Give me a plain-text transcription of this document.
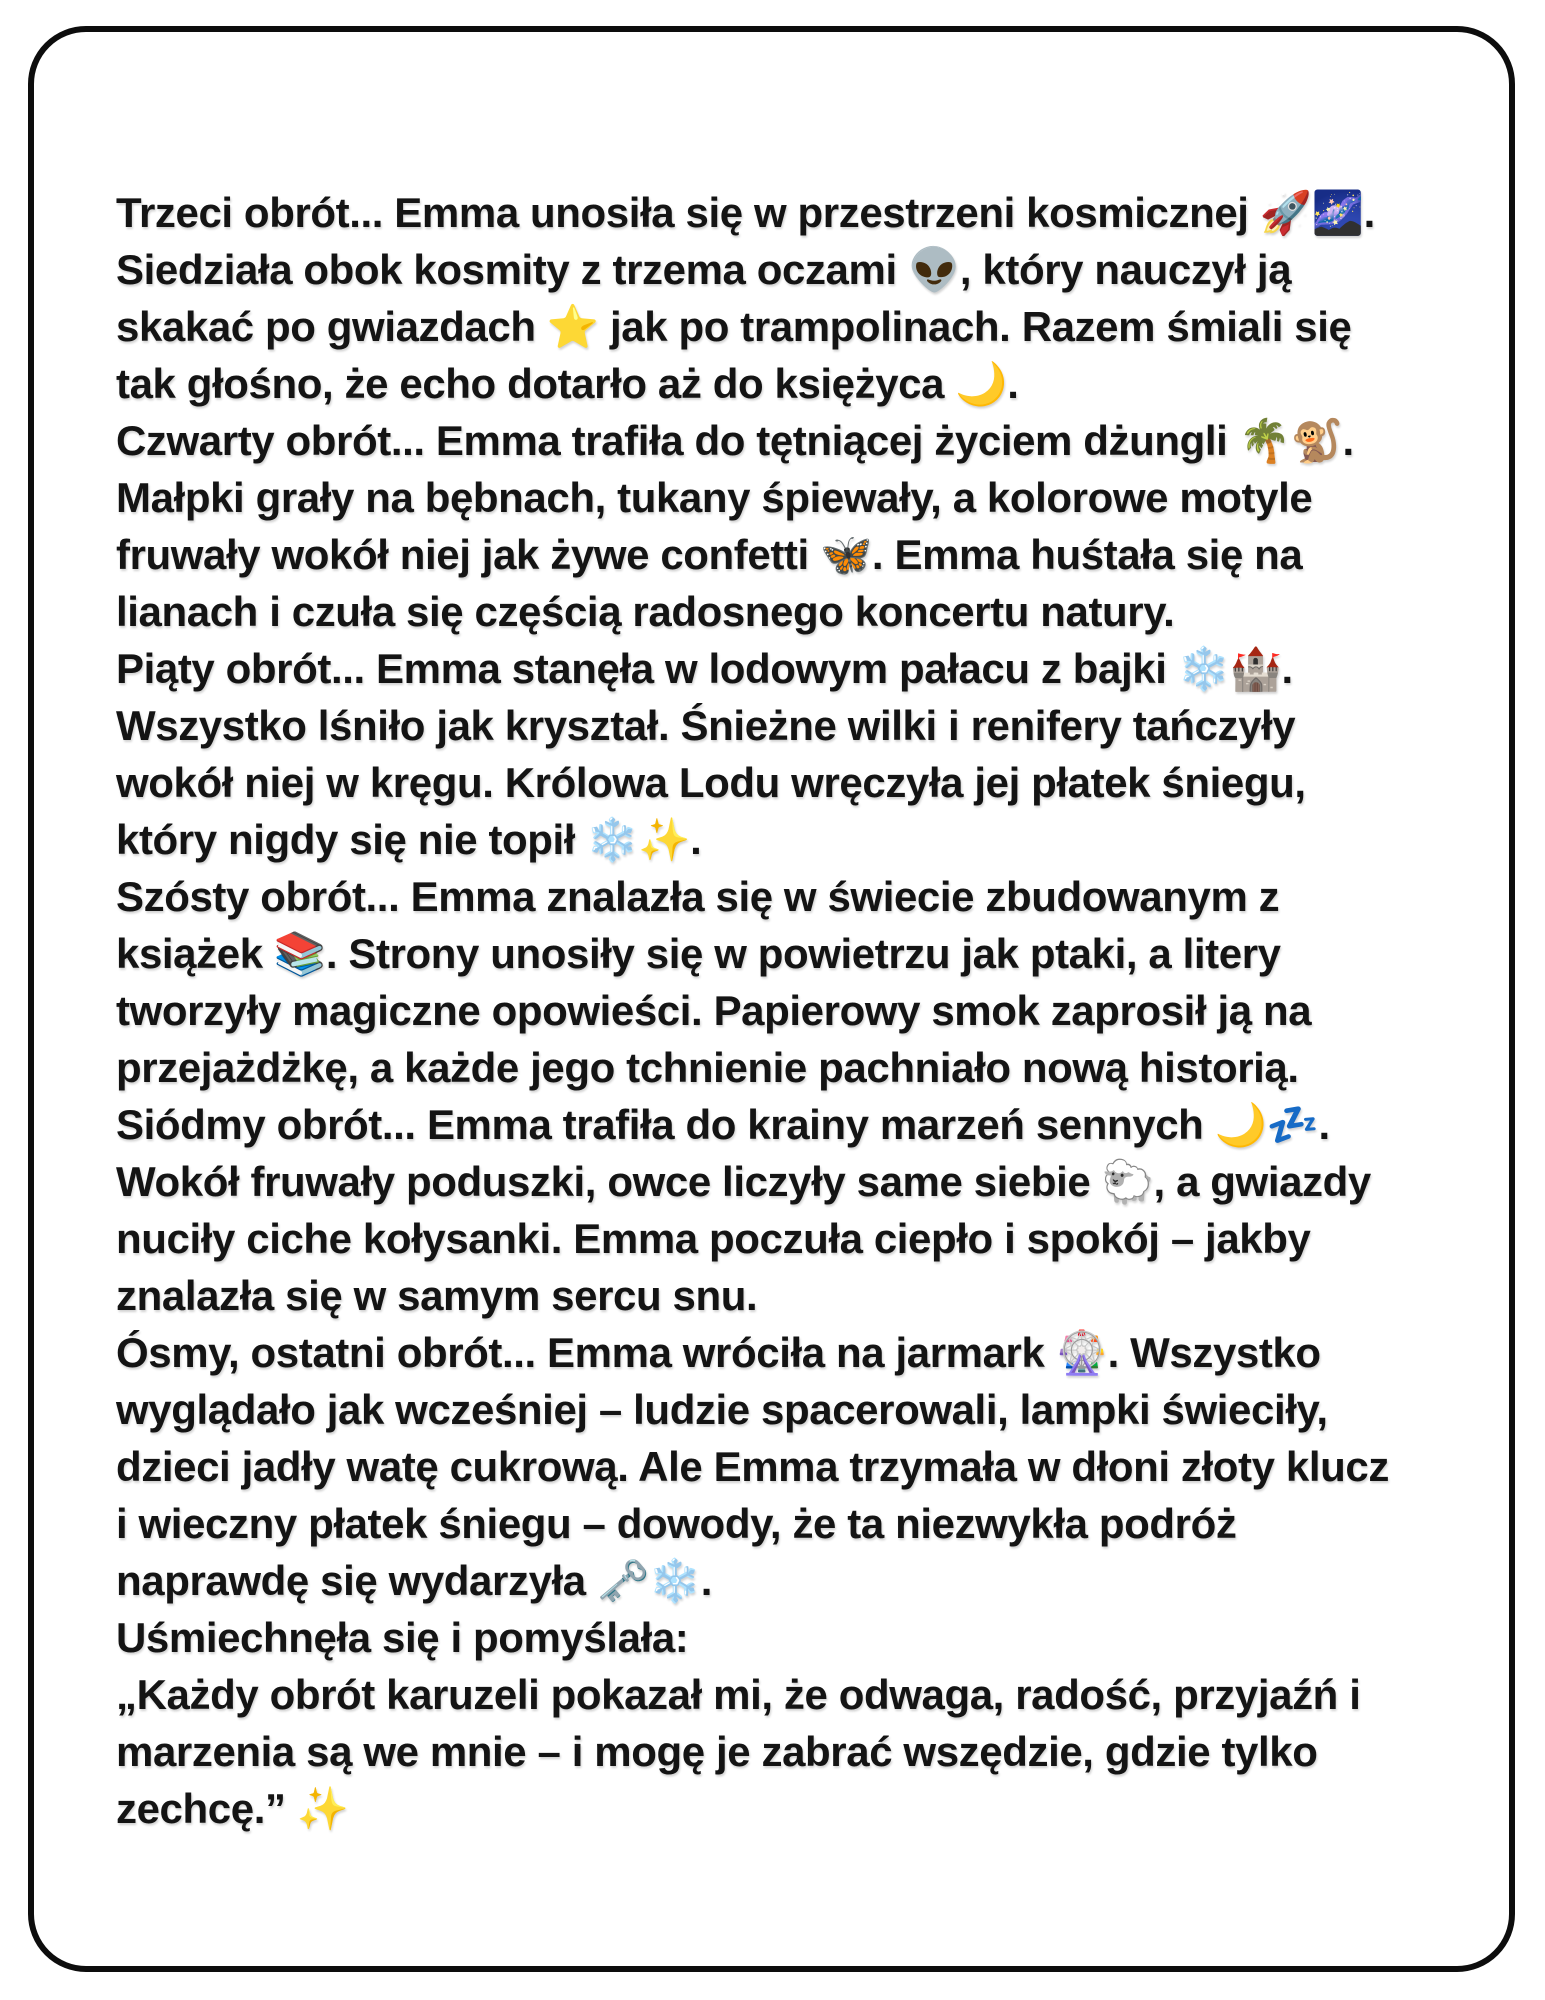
Trzeci obrót... Emma unosiła się w przestrzeni kosmicznej 🚀🌌.
Siedziała obok kosmity z trzema oczami 👽, który nauczył ją
skakać po gwiazdach ⭐ jak po trampolinach. Razem śmiali się
tak głośno, że echo dotarło aż do księżyca 🌙.
Czwarty obrót... Emma trafiła do tętniącej życiem dżungli 🌴🐒.
Małpki grały na bębnach, tukany śpiewały, a kolorowe motyle
fruwały wokół niej jak żywe confetti 🦋. Emma huśtała się na
lianach i czuła się częścią radosnego koncertu natury.
Piąty obrót... Emma stanęła w lodowym pałacu z bajki ❄️🏰.
Wszystko lśniło jak kryształ. Śnieżne wilki i renifery tańczyły
wokół niej w kręgu. Królowa Lodu wręczyła jej płatek śniegu,
który nigdy się nie topił ❄️✨.
Szósty obrót... Emma znalazła się w świecie zbudowanym z
książek 📚. Strony unosiły się w powietrzu jak ptaki, a litery
tworzyły magiczne opowieści. Papierowy smok zaprosił ją na
przejażdżkę, a każde jego tchnienie pachniało nową historią.
Siódmy obrót... Emma trafiła do krainy marzeń sennych 🌙💤.
Wokół fruwały poduszki, owce liczyły same siebie 🐑, a gwiazdy
nuciły ciche kołysanki. Emma poczuła ciepło i spokój – jakby
znalazła się w samym sercu snu.
Ósmy, ostatni obrót... Emma wróciła na jarmark 🎡. Wszystko
wyglądało jak wcześniej – ludzie spacerowali, lampki świeciły,
dzieci jadły watę cukrową. Ale Emma trzymała w dłoni złoty klucz
i wieczny płatek śniegu – dowody, że ta niezwykła podróż
naprawdę się wydarzyła 🗝️❄️.
Uśmiechnęła się i pomyślała:
„Każdy obrót karuzeli pokazał mi, że odwaga, radość, przyjaźń i
marzenia są we mnie – i mogę je zabrać wszędzie, gdzie tylko
zechcę.” ✨
